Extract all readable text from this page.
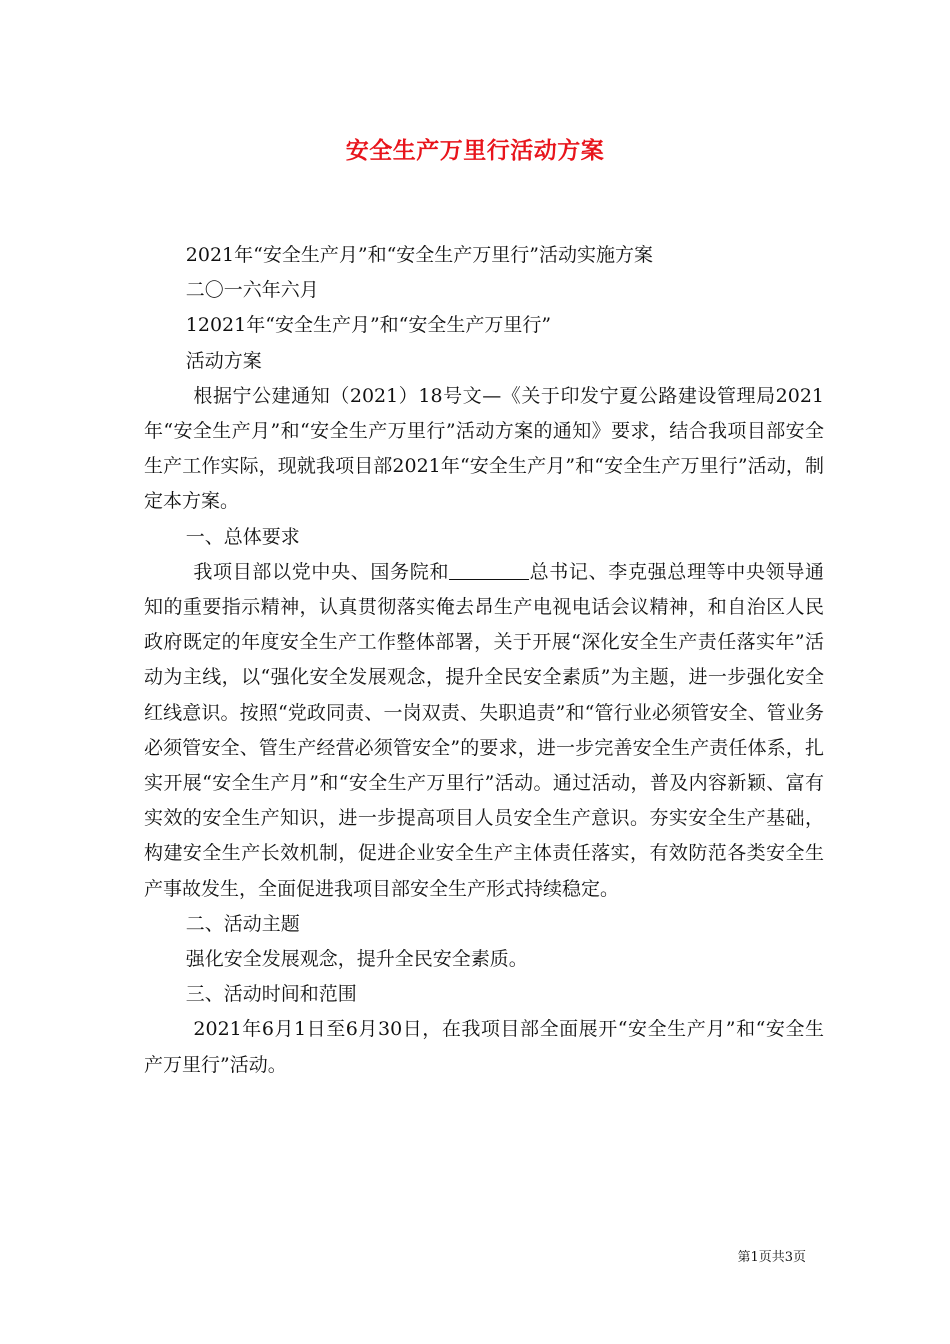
安全生产万里行活动方案

2021年“安全生产月”和“安全生产万里行”活动实施方案

二〇一六年六月

12021年“安全生产月”和“安全生产万里行”

活动方案

根据宁公建通知（2021）18号文—《关于印发宁夏公路建设管理局2021年“安全生产月”和“安全生产万里行”活动方案的通知》要求，结合我项目部安全生产工作实际，现就我项目部2021年“安全生产月”和“安全生产万里行”活动，制定本方案。

一、总体要求

我项目部以党中央、国务院和	总书记、李克强总理等中央领导通知的重要指示精神，认真贯彻落实俺去昂生产电视电话会议精神，和自治区人民政府既定的年度安全生产工作整体部署，关于开展“深化安全生产责任落实年”活动为主线，以“强化安全发展观念，提升全民安全素质”为主题，进一步强化安全红线意识。按照“党政同责、一岗双责、失职追责”和“管行业必须管安全、管业务必须管安全、管生产经营必须管安全”的要求，进一步完善安全生产责任体系，扎实开展“安全生产月”和“安全生产万里行”活动。通过活动，普及内容新颖、富有实效的安全生产知识，进一步提高项目人员安全生产意识。夯实安全生产基础，构建安全生产长效机制，促进企业安全生产主体责任落实，有效防范各类安全生产事故发生，全面促进我项目部安全生产形式持续稳定。

二、活动主题

强化安全发展观念，提升全民安全素质。

三、活动时间和范围

2021年6月1日至6月30日，在我项目部全面展开“安全生产月”和“安全生产万里行”活动。

第1页共3页
